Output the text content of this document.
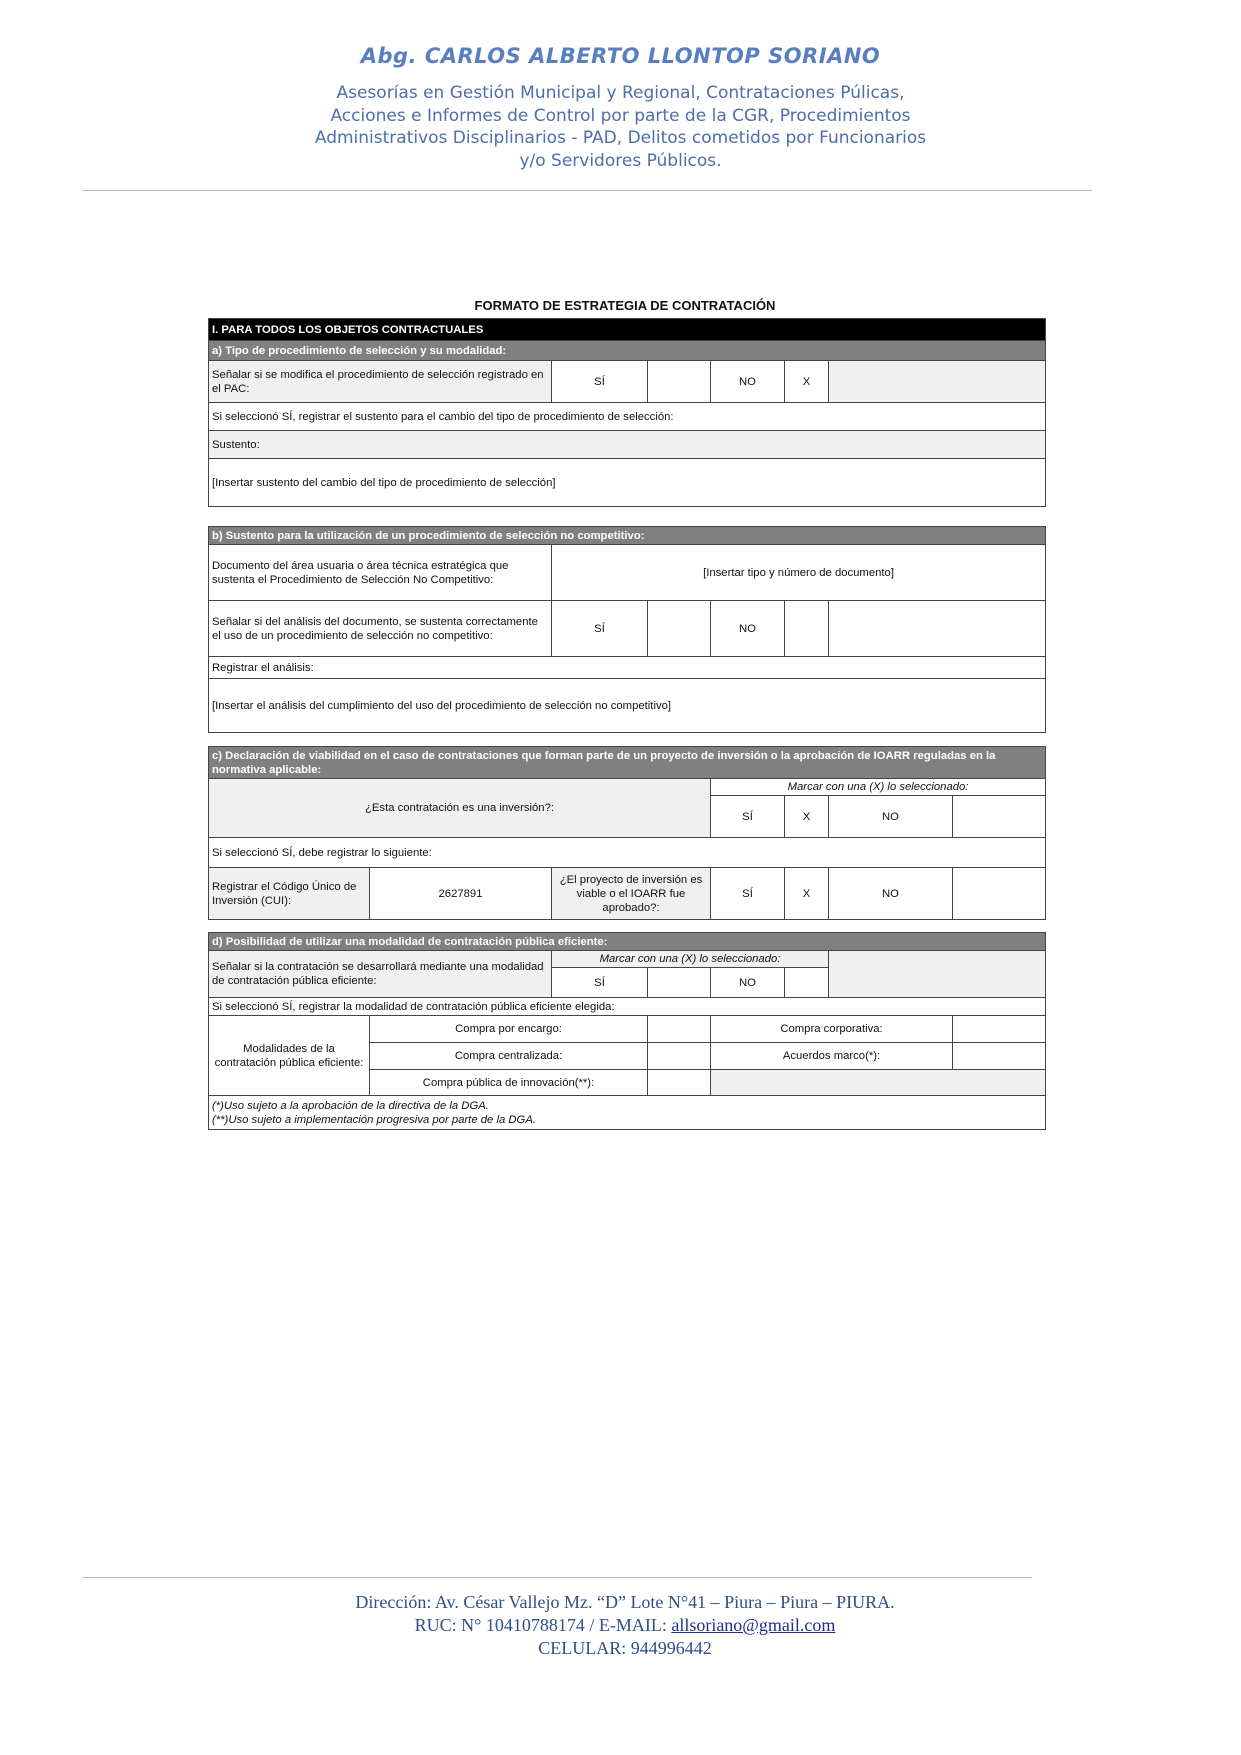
Abg. CARLOS ALBERTO LLONTOP SORIANO
Asesorías en Gestión Municipal y Regional, Contrataciones Púlicas,
Acciones e Informes de Control por parte de la CGR, Procedimientos
Administrativos Disciplinarios - PAD, Delitos cometidos por Funcionarios
y/o Servidores Públicos.
FORMATO DE ESTRATEGIA DE CONTRATACIÓN
I. PARA TODOS LOS OBJETOS CONTRACTUALES
a) Tipo de procedimiento de selección y su modalidad:
Señalar si se modifica el procedimiento de selección registrado en el PAC:	SÍ		NO	X	
Si seleccionó SÍ, registrar el sustento para el cambio del tipo de procedimiento de selección:
Sustento:
[Insertar sustento del cambio del tipo de procedimiento de selección]
b) Sustento para la utilización de un procedimiento de selección no competitivo:					
Documento del área usuaria o área técnica estratégica que sustenta el Procedimiento de Selección No Competitivo:	[Insertar tipo y número de documento]				
Señalar si del análisis del documento, se sustenta correctamente el uso de un procedimiento de selección no competitivo:	SÍ		NO		
Registrar el análisis:					
[Insertar el análisis del cumplimiento del uso del procedimiento de selección no competitivo]					
c) Declaración de viabilidad en el caso de contrataciones que forman parte de un proyecto de inversión o la aprobación de IOARR reguladas en la normativa aplicable:						
¿Esta contratación es una inversión?:			Marcar con una (X) lo seleccionado:			
			SÍ	X	NO	
Si seleccionó SÍ, debe registrar lo siguiente:						
Registrar el Código Único de Inversión (CUI):	2627891	¿El proyecto de inversión es viable o el IOARR fue aprobado?:	SÍ	X	NO	
d) Posibilidad de utilizar una modalidad de contratación pública eficiente:							
Señalar si la contratación se desarrollará mediante una modalidad de contratación pública eficiente:		Marcar con una (X) lo seleccionado:					
		SÍ		NO			
Si seleccionó SÍ, registrar la modalidad de contratación pública eficiente elegida:							
Modalidades de la contratación pública eficiente:	Compra por encargo:			Compra corporativa:			
	Compra centralizada:			Acuerdos marco(*):			
	Compra pública de innovación(**):						

(*)Uso sujeto a la aprobación de la directiva de la DGA.
(**)Uso sujeto a implementación progresiva por parte de la DGA.							
Dirección: Av. César Vallejo Mz. “D” Lote N°41 – Piura – Piura – PIURA.
RUC: N° 10410788174 / E-MAIL: allsoriano@gmail.com
CELULAR: 944996442
